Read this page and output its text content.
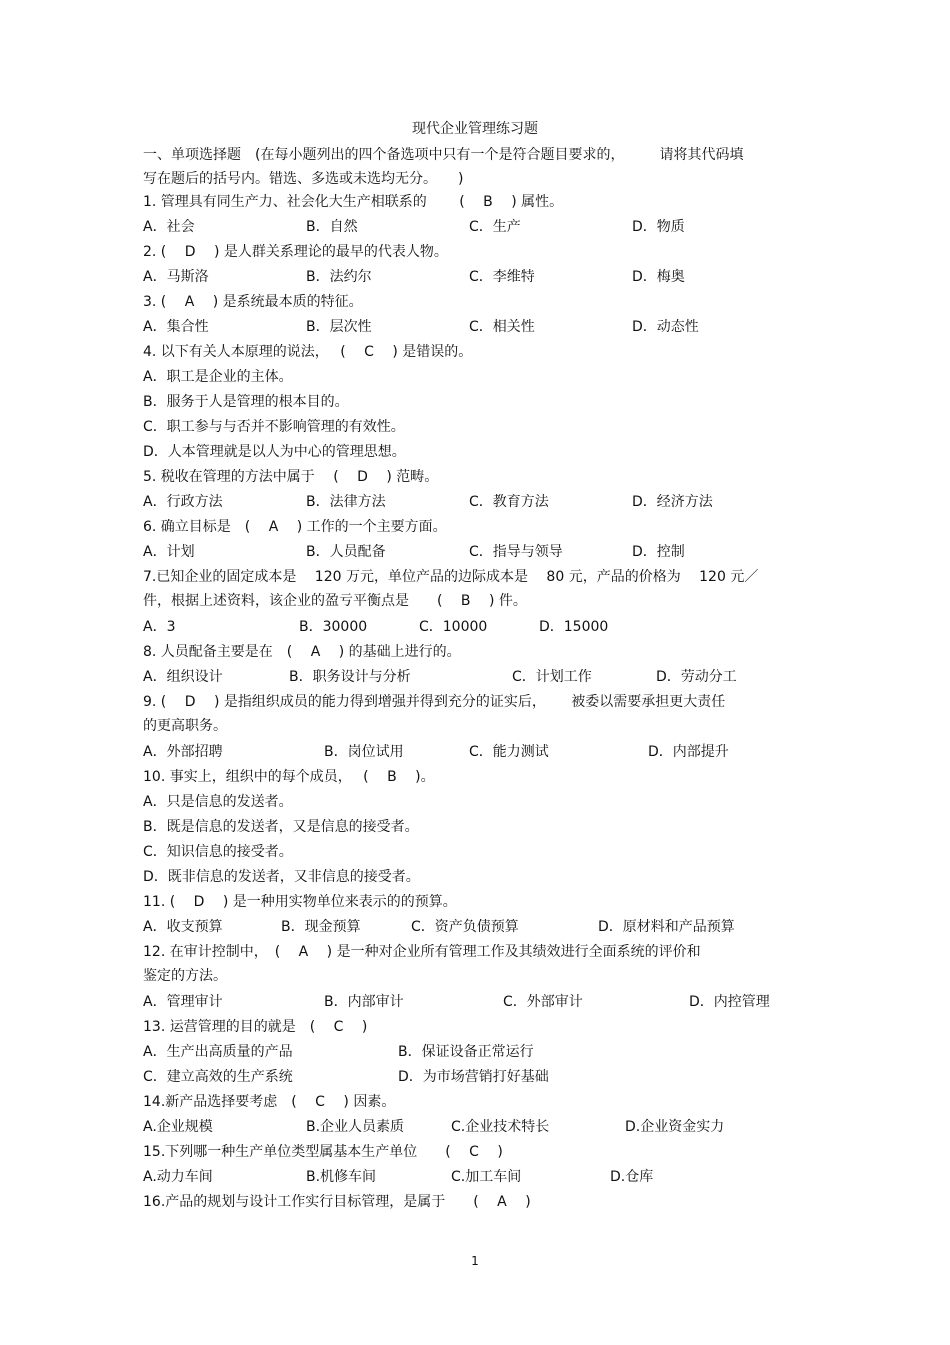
现代企业管理练习题
一、单项选择题　(在每小题列出的四个备选项中只有一个是符合题目要求的，　　　请将其代码填
写在题后的括号内。错选、多选或未选均无分。　　)
1. 管理具有同生产力、社会化大生产相联系的　　 (　 B　 ) 属性。
A．社会	B．自然	C．生产	D．物质
2. (　 D　 ) 是人群关系理论的最早的代表人物。
A．马斯洛	B．法约尔	C．李维特	D．梅奥
3. (　 A　 ) 是系统最本质的特征。
A．集合性	B．层次性	C．相关性	D．动态性
4. 以下有关人本原理的说法，　 (　 C　 ) 是错误的。
A．职工是企业的主体。
B．服务于人是管理的根本目的。
C．职工参与与否并不影响管理的有效性。
D．人本管理就是以人为中心的管理思想。
5. 税收在管理的方法中属于　 (　 D　 ) 范畴。
A．行政方法	B．法律方法	C．教育方法	D．经济方法
6. 确立目标是　(　 A　 ) 工作的一个主要方面。
A．计划	B．人员配备	C．指导与领导	D．控制
7.已知企业的固定成本是　 120 万元，单位产品的边际成本是　 80 元，产品的价格为　 120 元／
件，根据上述资料，该企业的盈亏平衡点是　　(　 B　 ) 件。
A．3	B．30000	C．10000	D．15000
8. 人员配备主要是在　(　 A　 ) 的基础上进行的。
A．组织设计	B．职务设计与分析	C．计划工作	D．劳动分工
9. (　 D　 ) 是指组织成员的能力得到增强并得到充分的证实后，　　 被委以需要承担更大责任
的更高职务。
A．外部招聘	B．岗位试用	C．能力测试	D．内部提升
10. 事实上，组织中的每个成员，　 (　 B　 )。
A．只是信息的发送者。
B．既是信息的发送者，又是信息的接受者。
C．知识信息的接受者。
D．既非信息的发送者，又非信息的接受者。
11. (　 D　 ) 是一种用实物单位来表示的的预算。
A．收支预算	B．现金预算	C．资产负债预算	D．原材料和产品预算
12. 在审计控制中，　(　 A　 ) 是一种对企业所有管理工作及其绩效进行全面系统的评价和
鉴定的方法。
A．管理审计	B．内部审计	C．外部审计	D．内控管理
13. 运营管理的目的就是　(　 C　 )
A．生产出高质量的产品	B．保证设备正常运行
C．建立高效的生产系统	D．为市场营销打好基础
14.新产品选择要考虑　(　 C　 ) 因素。
A.企业规模	B.企业人员素质	C.企业技术特长	D.企业资金实力
15.下列哪一种生产单位类型属基本生产单位　　(　 C　 )
A.动力车间	B.机修车间	C.加工车间	D.仓库
16.产品的规划与设计工作实行目标管理，是属于　　(　 A　 )
1
